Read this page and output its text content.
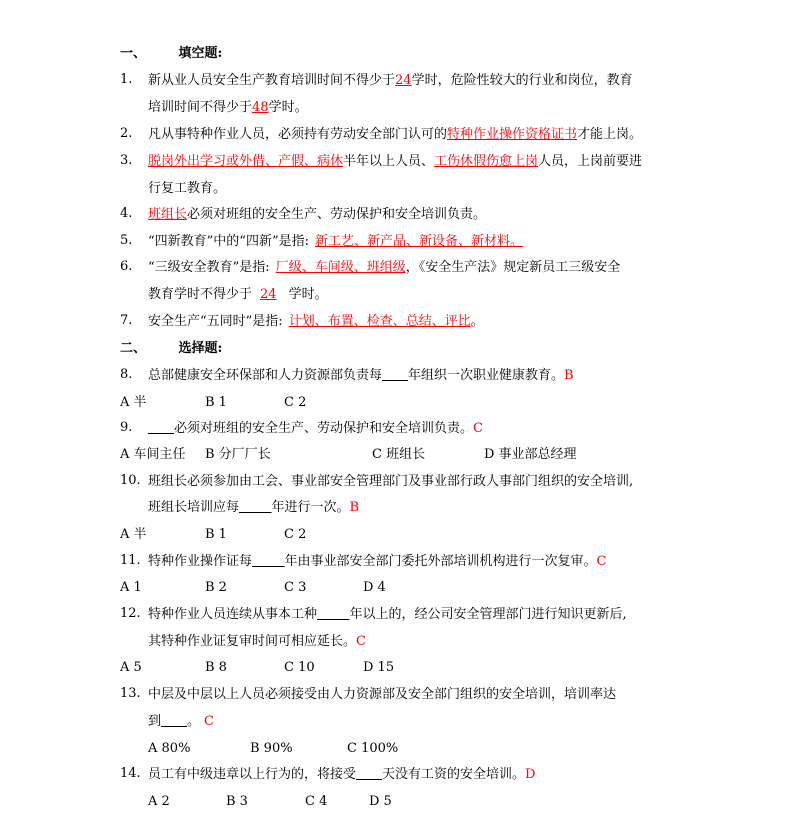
一、	填空题:
1. 新从业人员安全生产教育培训时间不得少于24学时，危险性较大的行业和岗位，教育
培训时间不得少于48学时。
2. 凡从事特种作业人员，必须持有劳动安全部门认可的特种作业操作资格证书才能上岗。
3. 脱岗外出学习或外借、产假、病休半年以上人员、工伤休假伤愈上岗人员，上岗前要进
行复工教育。
4. 班组长必须对班组的安全生产、劳动保护和安全培训负责。
5. “四新教育”中的“四新”是指: 新工艺、新产品、新设备、新材料。
6. “三级安全教育”是指: 厂级、车间级、班组级，《安全生产法》规定新员工三级安全
教育学时不得少于 24 学时。
7. 安全生产“五同时”是指: 计划、布置、检查、总结、评比。
二、	选择题:
8. 总部健康安全环保部和人力资源部负责每     年组织一次职业健康教育。B
A 半	B 1	C 2
9.
    	必须对班组的安全生产、劳动保护和安全培训负责。C
A 车间主任 B 分厂厂长	C 班组长	D 事业部总经理
10. 班组长必须参加由工会、事业部安全管理部门及事业部行政人事部门组织的安全培训,
班组长培训应每     	年进行一次。B
A 半	B 1	C 2
11. 特种作业操作证每     	年由事业部安全部门委托外部培训机构进行一次复审。C
A 1	B 2	C 3	D 4
12. 特种作业人员连续从事本工种     	年以上的，经公司安全管理部门进行知识更新后,
其特种作业证复审时间可相应延长。C
A 5	B 8	C 10	D 15
13. 中层及中层以上人员必须接受由人力资源部及安全部门组织的安全培训，培训率达
到     。 C
A 80%	B 90%	C 100%
14. 员工有中级违章以上行为的，将接受     天没有工资的安全培训。D
A 2	B 3	C 4	D 5
